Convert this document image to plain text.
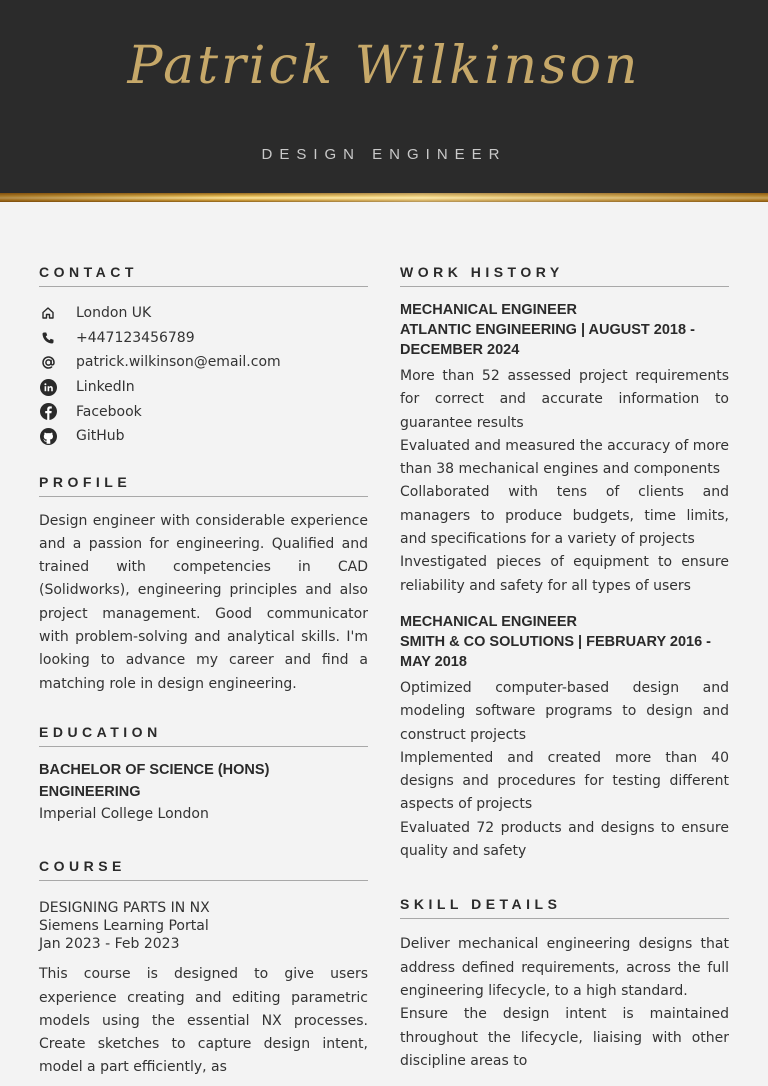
Patrick Wilkinson
DESIGN ENGINEER
CONTACT
London UK
+447123456789
patrick.wilkinson@email.com
LinkedIn
Facebook
GitHub
PROFILE

Design engineer with considerable experience and a passion for engineering. Qualified and trained with competencies in CAD (Solidworks), engineering principles and also project management. Good communicator with problem-solving and analytical skills. I'm looking to advance my career and find a matching role in design engineering.

EDUCATION
BACHELOR OF SCIENCE (HONS) ENGINEERING
Imperial College London
COURSE
DESIGNING PARTS IN NX
Siemens Learning Portal
Jan 2023 - Feb 2023

This course is designed to give users experience creating and editing parametric models using the essential NX processes. Create sketches to capture design intent, model a part efficiently, as

WORK HISTORY
MECHANICAL ENGINEER
ATLANTIC ENGINEERING | AUGUST 2018 - DECEMBER 2024
More than 52 assessed project requirements for correct and accurate information to guarantee results
Evaluated and measured the accuracy of more than 38 mechanical engines and components
Collaborated with tens of clients and managers to produce budgets, time limits, and specifications for a variety of projects
Investigated pieces of equipment to ensure reliability and safety for all types of users
MECHANICAL ENGINEER
SMITH & CO SOLUTIONS | FEBRUARY 2016 - MAY 2018
Optimized computer-based design and modeling software programs to design and construct projects
Implemented and created more than 40 designs and procedures for testing different aspects of projects
Evaluated 72 products and designs to ensure quality and safety
SKILL DETAILS

Deliver mechanical engineering designs that address defined requirements, across the full engineering lifecycle, to a high standard.

Ensure the design intent is maintained throughout the lifecycle, liaising with other discipline areas to
